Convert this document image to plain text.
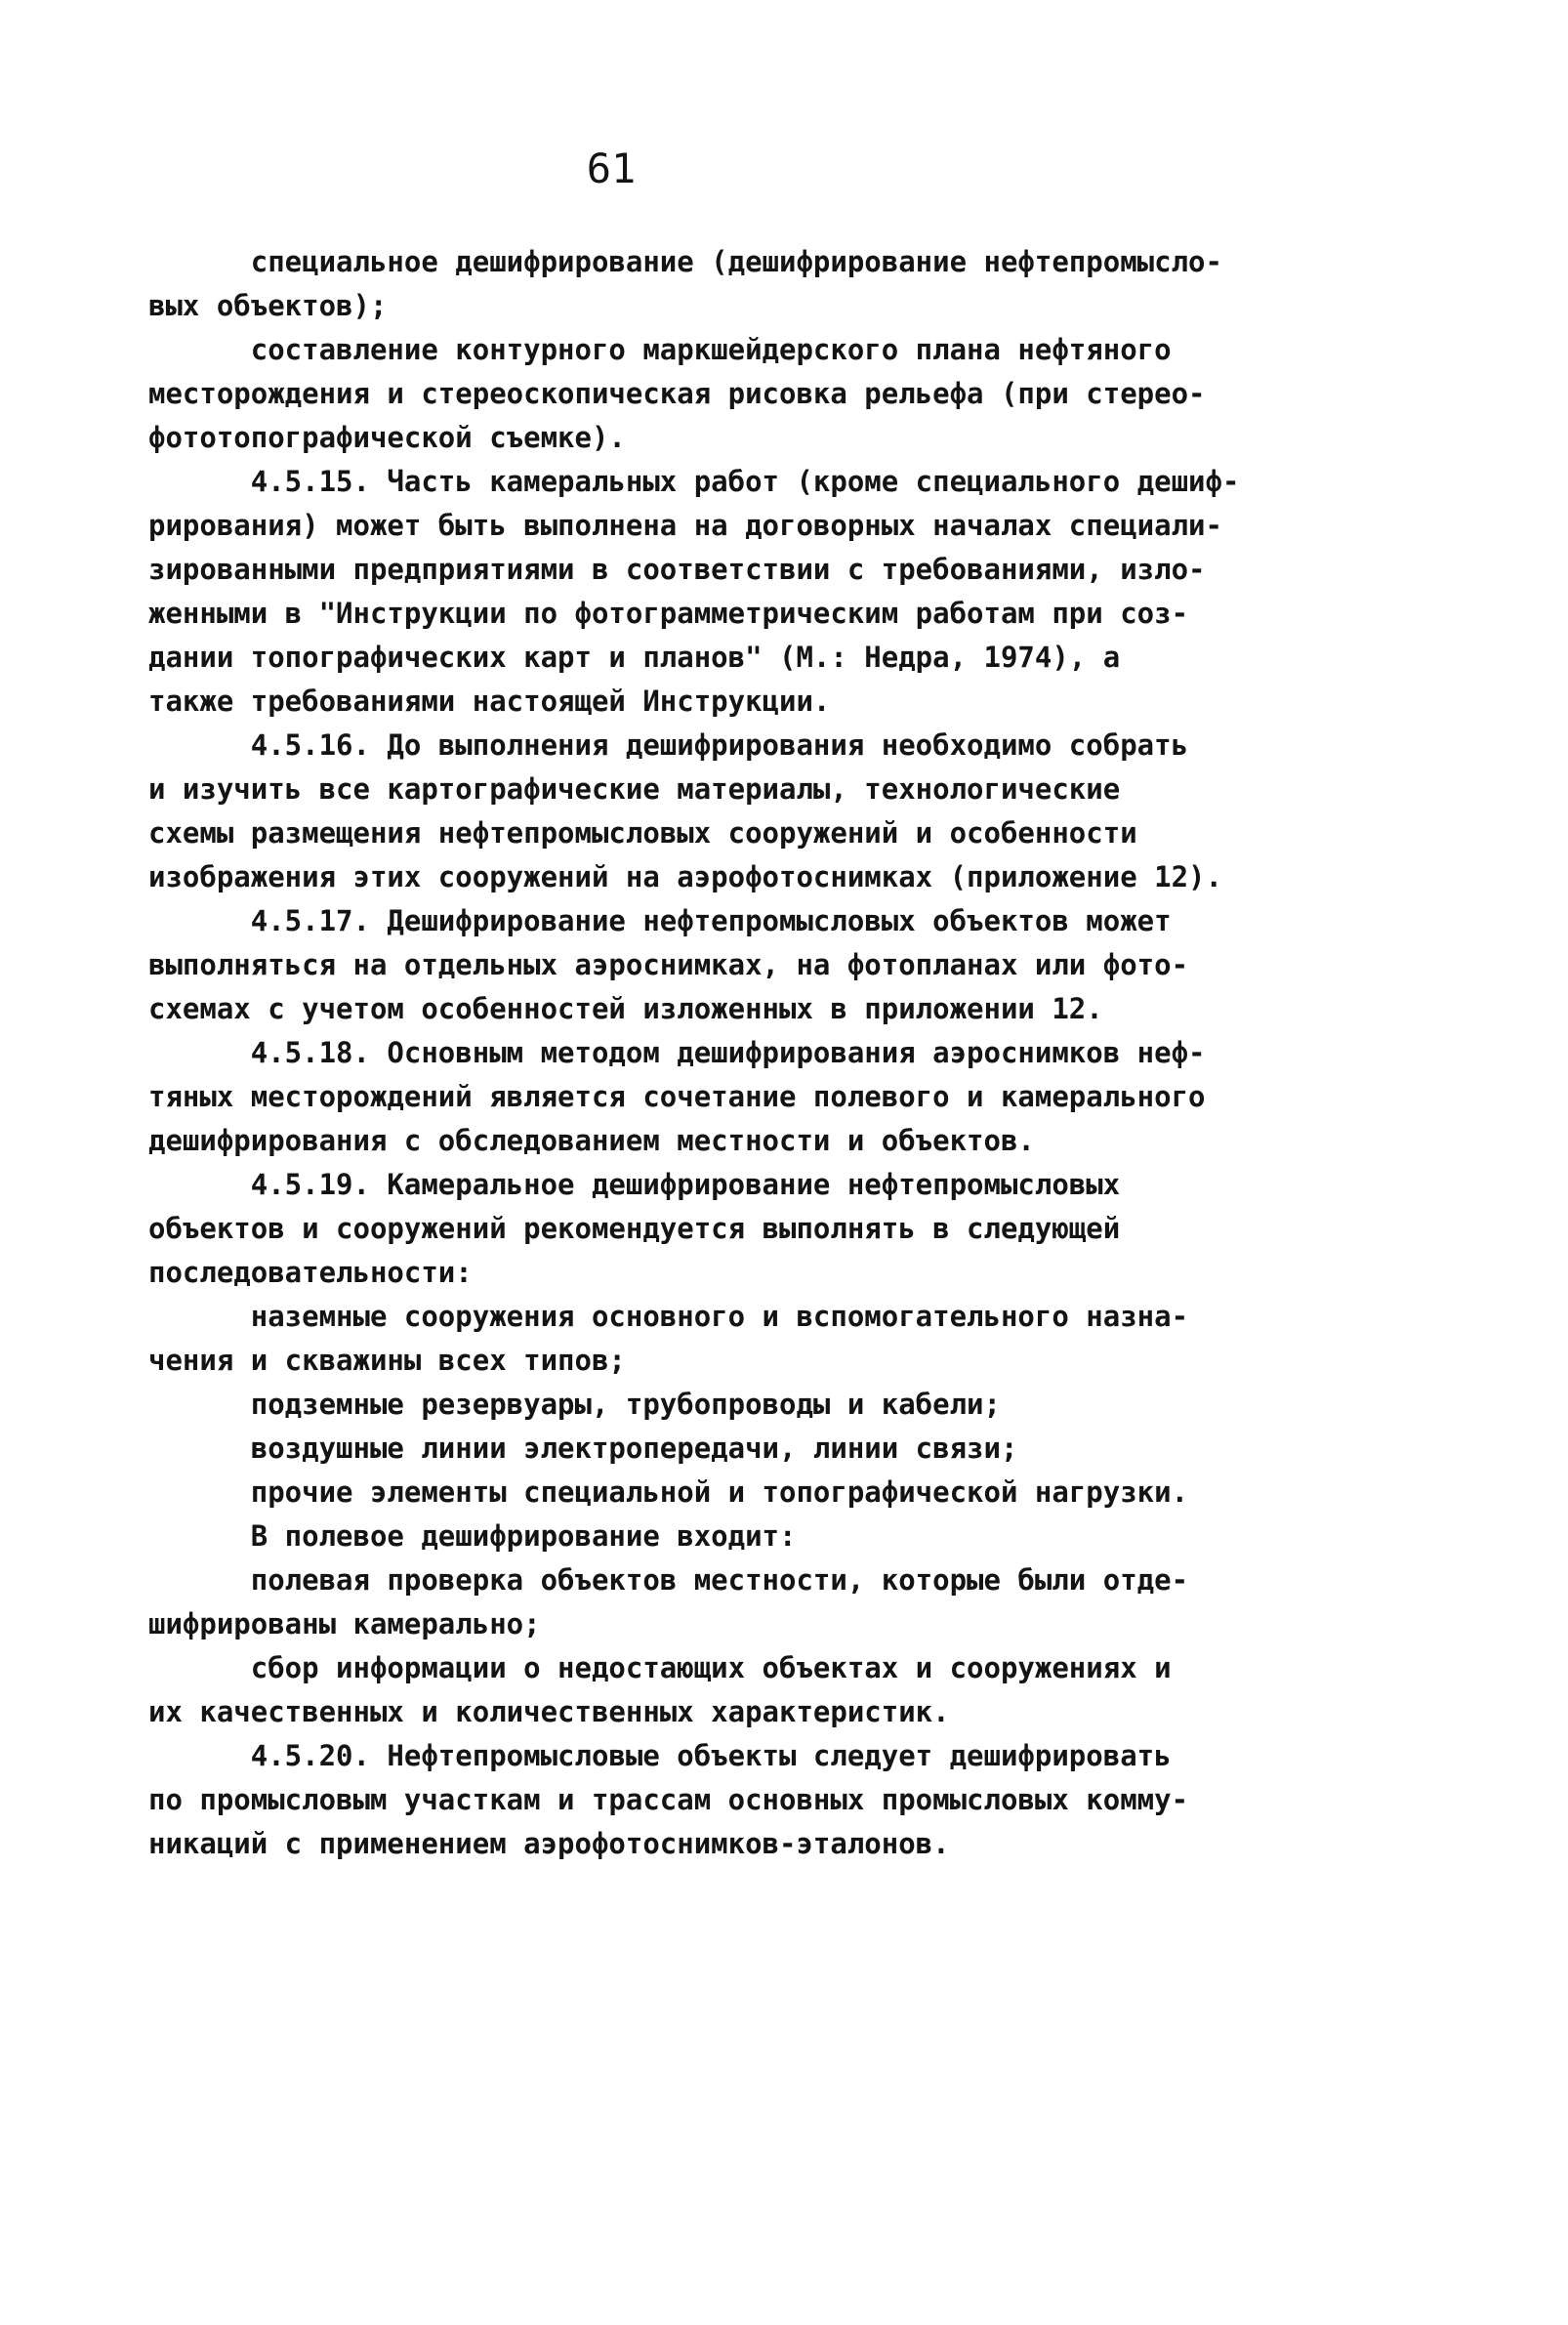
61
специальное дешифрирование (дешифрирование нефтепромысло-
вых объектов);
составление контурного маркшейдерского плана нефтяного
месторождения и стереоскопическая рисовка рельефа (при стерео-
фототопографической съемке).
4.5.15. Часть камеральных работ (кроме специального дешиф-
рирования) может быть выполнена на договорных началах специали-
зированными предприятиями в соответствии с требованиями, изло-
женными в "Инструкции по фотограмметрическим работам при соз-
дании топографических карт и планов" (М.: Недра, 1974), а
также требованиями настоящей Инструкции.
4.5.16. До выполнения дешифрирования необходимо собрать
и изучить все картографические материалы, технологические
схемы размещения нефтепромысловых сооружений и особенности
изображения этих сооружений на аэрофотоснимках (приложение 12).
4.5.17. Дешифрирование нефтепромысловых объектов может
выполняться на отдельных аэроснимках, на фотопланах или фото-
схемах с учетом особенностей изложенных в приложении 12.
4.5.18. Основным методом дешифрирования аэроснимков неф-
тяных месторождений является сочетание полевого и камерального
дешифрирования с обследованием местности и объектов.
4.5.19. Камеральное дешифрирование нефтепромысловых
объектов и сооружений рекомендуется выполнять в следующей
последовательности:
наземные сооружения основного и вспомогательного назна-
чения и скважины всех типов;
подземные резервуары, трубопроводы и кабели;
воздушные линии электропередачи, линии связи;
прочие элементы специальной и топографической нагрузки.
В полевое дешифрирование входит:
полевая проверка объектов местности, которые были отде-
шифрированы камерально;
сбор информации о недостающих объектах и сооружениях и
их качественных и количественных характеристик.
4.5.20. Нефтепромысловые объекты следует дешифрировать
по промысловым участкам и трассам основных промысловых комму-
никаций с применением аэрофотоснимков-эталонов.
